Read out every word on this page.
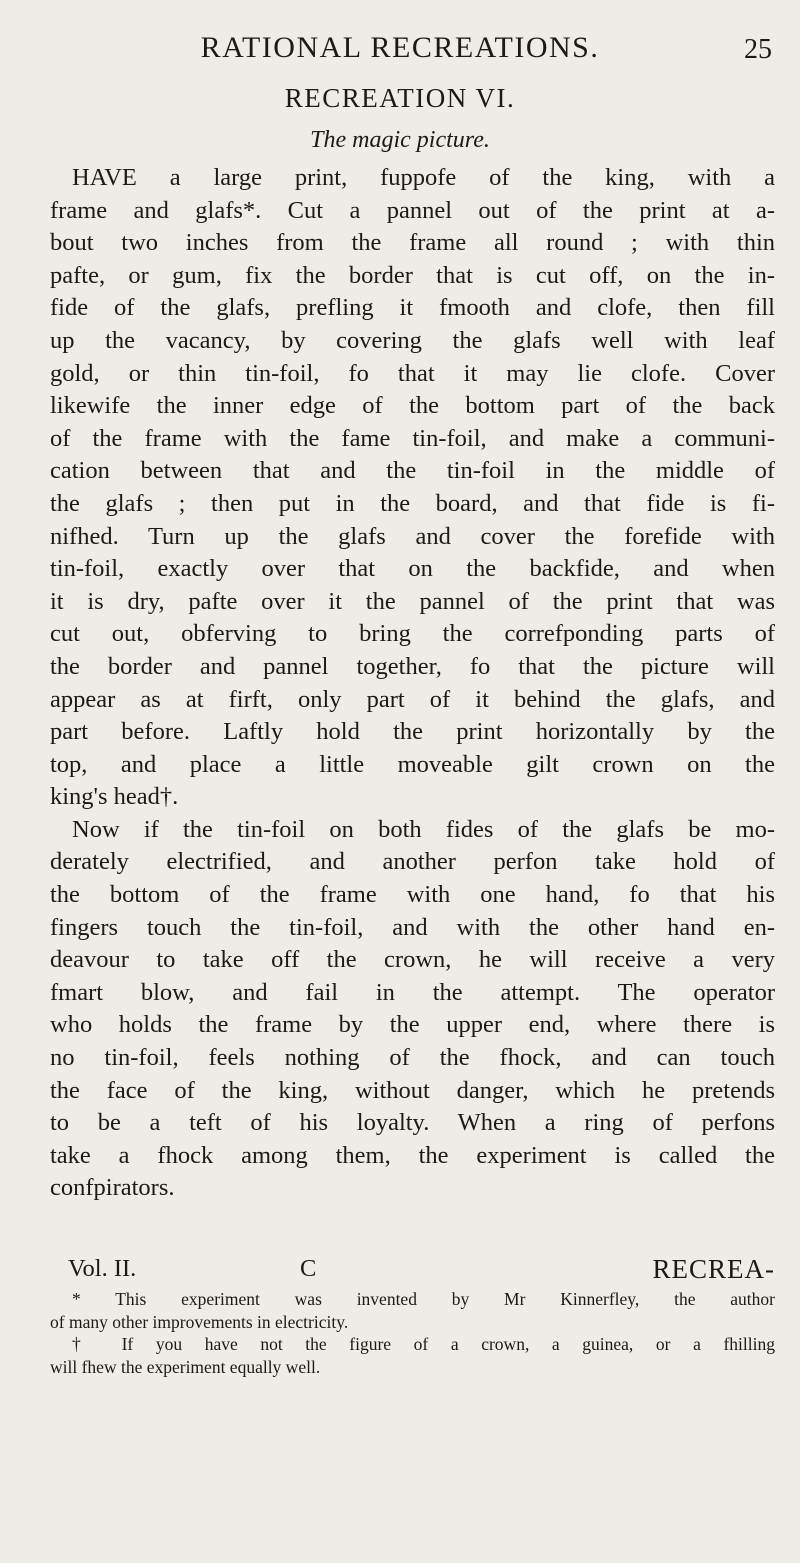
RATIONAL RECREATIONS.	25
RECREATION VI.
The magic picture.
HAVE a large print, fuppofe of the king, with a
frame and glafs*. Cut a pannel out of the print at a-
bout two inches from the frame all round ; with thin
pafte, or gum, fix the border that is cut off, on the in-
fide of the glafs, prefling it fmooth and clofe, then fill
up the vacancy, by covering the glafs well with leaf
gold, or thin tin-foil, fo that it may lie clofe. Cover
likewife the inner edge of the bottom part of the back
of the frame with the fame tin-foil, and make a communi-
cation between that and the tin-foil in the middle of
the glafs ; then put in the board, and that fide is fi-
nifhed. Turn up the glafs and cover the forefide with
tin-foil, exactly over that on the backfide, and when
it is dry, pafte over it the pannel of the print that was
cut out, obferving to bring the correfponding parts of
the border and pannel together, fo that the picture will
appear as at firft, only part of it behind the glafs, and
part before. Laftly hold the print horizontally by the
top, and place a little moveable gilt crown on the
king's head†.
Now if the tin-foil on both fides of the glafs be mo-
derately electrified, and another perfon take hold of
the bottom of the frame with one hand, fo that his
fingers touch the tin-foil, and with the other hand en-
deavour to take off the crown, he will receive a very
fmart blow, and fail in the attempt. The operator
who holds the frame by the upper end, where there is
no tin-foil, feels nothing of the fhock, and can touch
the face of the king, without danger, which he pretends
to be a teft of his loyalty. When a ring of perfons
take a fhock among them, the experiment is called the
confpirators.
Vol. II.	C	RECREA-
* This experiment was invented by Mr Kinnerfley, the author
of many other improvements in electricity.
† If you have not the figure of a crown, a guinea, or a fhilling
will fhew the experiment equally well.
